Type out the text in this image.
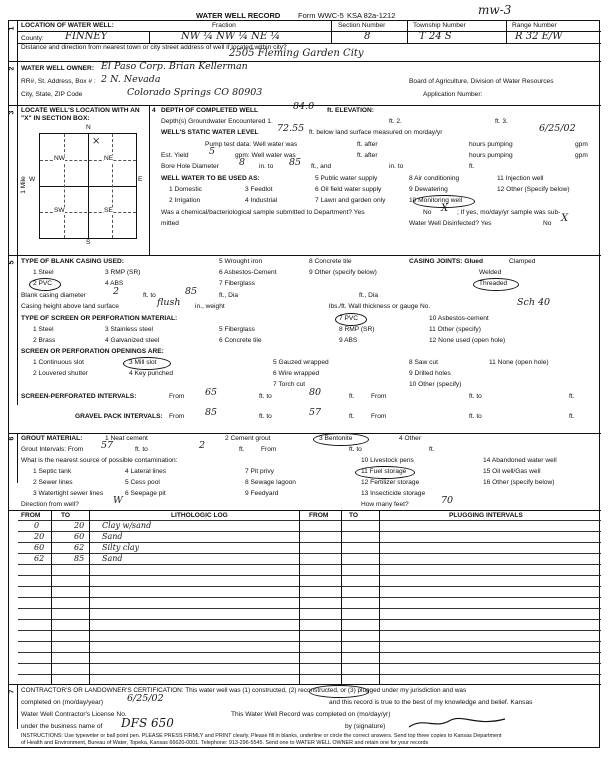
mw-3
WATER WELL RECORD Form WWC-5 KSA 82a-1212
1 LOCATION OF WATER WELL:	Fraction	Section Number	Township Number	Range Number
County: FINNEY	NW ¼ NW ¼ NE ¼	8	T 24 S	R 32 E/W
Distance and direction from nearest town or city street address of well if located within city?
2505 Fleming Garden City
2 WATER WELL OWNER: El Paso Corp. Brian Kellerman
RR#, St. Address, Box # : 2 N. Nevada	Board of Agriculture, Division of Water Resources
City, State, ZIP Code	Colorado Springs CO 80903	Application Number:
3 LOCATE WELL'S LOCATION WITH AN "X" IN SECTION BOX:
N
W	E
S
1 Mile
NW	NE
SW	SE
×
4 DEPTH OF COMPLETED WELL	84.0 ft. ELEVATION:
Depth(s) Groundwater Encountered 1.	ft. 2.	ft. 3.
WELL'S STATIC WATER LEVEL 72.55 ft. below land surface measured on mo/day/yr	6/25/02
Pump test data: Well water was	ft. after	hours pumping	gpm
Est. Yield 5	gpm: Well water was	ft. after	hours pumping	gpm
Bore Hole Diameter 8 in. to 85 ft., and	in. to	ft.
WELL WATER TO BE USED AS:	5 Public water supply	8 Air conditioning	11 Injection well
1 Domestic	3 Feedlot	6 Oil field water supply	9 Dewatering	12 Other (Specify below)
2 Irrigation	4 Industrial	7 Lawn and garden only	10 Monitoring well
Was a chemical/bacteriological sample submitted to Department? Yes	No X ; If yes, mo/day/yr sample was sub-
mitted	Water Well Disinfected? Yes	No X
5 TYPE OF BLANK CASING USED:	5 Wrought iron	8 Concrete tile	CASING JOINTS: Glued	Clamped
1 Steel	3 RMP (SR)	6 Asbestos-Cement	9 Other (specify below)	Welded
2 PVC	4 ABS	7 Fiberglass	Threaded
Blank casing diameter	2	ft. to	85	ft., Dia	ft., Dia
Casing height above land surface	flush in., weight	lbs./ft. Wall thickness or gauge No.	Sch 40
TYPE OF SCREEN OR PERFORATION MATERIAL:	7 PVC	10 Asbestos-cement
1 Steel	3 Stainless steel	5 Fiberglass	8 RMP (SR)	11 Other (specify)
2 Brass	4 Galvanized steel	6 Concrete tile	9 ABS	12 None used (open hole)
SCREEN OR PERFORATION OPENINGS ARE:
1 Continuous slot	3 Mill slot	5 Gauzed wrapped	8 Saw cut	11 None (open hole)
2 Louvered shutter	4 Key punched	6 Wire wrapped	9 Drilled holes
7 Torch cut	10 Other (specify)
SCREEN-PERFORATED INTERVALS:	From 65	ft. to	80	ft.	From	ft. to	ft.
GRAVEL PACK INTERVALS: From 85	ft. to	57	ft.	From	ft. to	ft.
6 GROUT MATERIAL:	1 Neat cement	2 Cement grout	3 Bentonite	4 Other
Grout Intervals: From 57	ft. to	2	ft.	From	ft. to	ft.
What is the nearest source of possible contamination:	10 Livestock pens	14 Abandoned water well
1 Septic tank	4 Lateral lines	7 Pit privy	11 Fuel storage	15 Oil well/Gas well
2 Sewer lines	5 Cess pool	8 Sewage lagoon	12 Fertilizer storage	16 Other (specify below)
3 Watertight sewer lines	6 Seepage pit	9 Feedyard	13 Insecticide storage
Direction from well?	W	How many feet?	70
FROM	TO	LITHOLOGIC LOG	FROM	TO	PLUGGING INTERVALS
0	20 Clay w/sand
20	60 Sand
60	62 Silty clay
62	85 Sand
7 CONTRACTOR'S OR LANDOWNER'S CERTIFICATION: This water well was (1) constructed, (2) reconstructed, or (3) plugged under my jurisdiction and was
completed on (mo/day/year)	6/25/02	and this record is true to the best of my knowledge and belief. Kansas
Water Well Contractor's License No.	This Water Well Record was completed on (mo/day/yr)
under the business name of DFS 650	by (signature)
INSTRUCTIONS: Use typewriter or ball point pen. PLEASE PRESS FIRMLY and PRINT clearly. Please fill in blanks, underline or circle the correct answers. Send top three copies to Kansas Department
of Health and Environment, Bureau of Water, Topeka, Kansas 66620-0001. Telephone: 913-296-5545. Send one to WATER WELL OWNER and retain one for your records
